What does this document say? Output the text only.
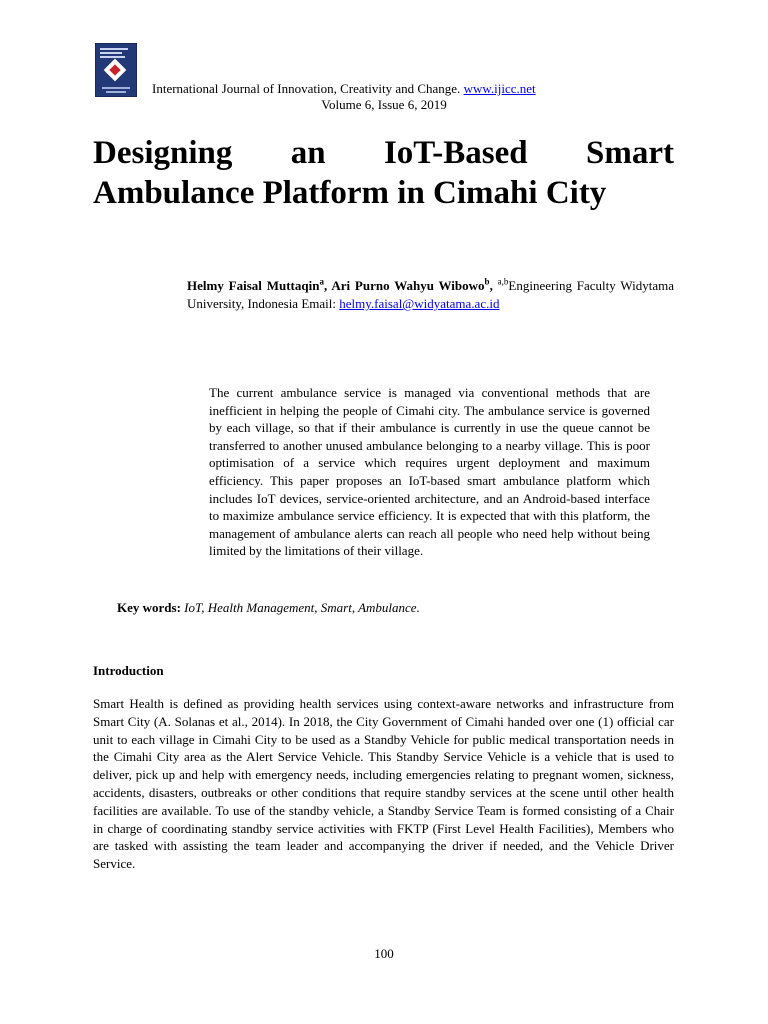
International Journal of Innovation, Creativity and Change. www.ijicc.net
Volume 6, Issue 6, 2019
Designing an IoT-Based Smart Ambulance Platform in Cimahi City

Helmy Faisal Muttaqin$^a$, Ari Purno Wahyu Wibowo$^b$, $^{a,b}$Engineering Faculty Widytama University, Indonesia Email: helmy.faisal@widyatama.ac.id

The current ambulance service is managed via conventional methods that are inefficient in helping the people of Cimahi city. The ambulance service is governed by each village, so that if their ambulance is currently in use the queue cannot be transferred to another unused ambulance belonging to a nearby village. This is poor optimisation of a service which requires urgent deployment and maximum efficiency. This paper proposes an IoT-based smart ambulance platform which includes IoT devices, service-oriented architecture, and an Android-based interface to maximize ambulance service efficiency. It is expected that with this platform, the management of ambulance alerts can reach all people who need help without being limited by the limitations of their village.

Key words: IoT, Health Management, Smart, Ambulance.

Introduction

Smart Health is defined as providing health services using context-aware networks and infrastructure from Smart City (A. Solanas et al., 2014). In 2018, the City Government of Cimahi handed over one (1) official car unit to each village in Cimahi City to be used as a Standby Vehicle for public medical transportation needs in the Cimahi City area as the Alert Service Vehicle. This Standby Service Vehicle is a vehicle that is used to deliver, pick up and help with emergency needs, including emergencies relating to pregnant women, sickness, accidents, disasters, outbreaks or other conditions that require standby services at the scene until other health facilities are available. To use of the standby vehicle, a Standby Service Team is formed consisting of a Chair in charge of coordinating standby service activities with FKTP (First Level Health Facilities), Members who are tasked with assisting the team leader and accompanying the driver if needed, and the Vehicle Driver Service.

100
